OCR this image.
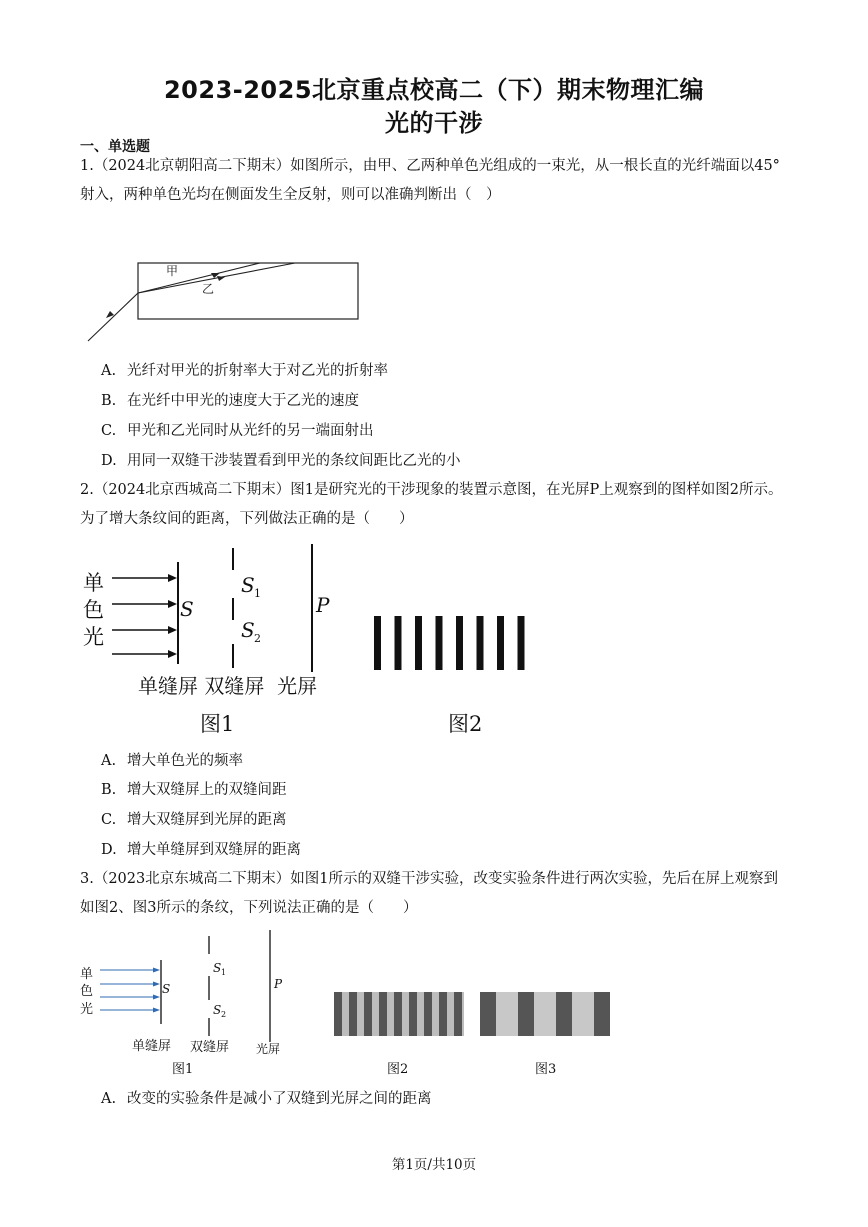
2023-2025北京重点校高二（下）期末物理汇编
光的干涉
一、单选题

1.（2024北京朝阳高二下期末）如图所示，由甲、乙两种单色光组成的一束光，从一根长直的光纤端面以45°射入，两种单色光均在侧面发生全反射，则可以准确判断出（　）

甲
乙
A. 光纤对甲光的折射率大于对乙光的折射率
B. 在光纤中甲光的速度大于乙光的速度
C. 甲光和乙光同时从光纤的另一端面射出
D. 用同一双缝干涉装置看到甲光的条纹间距比乙光的小

2.（2024北京西城高二下期末）图1是研究光的干涉现象的装置示意图，在光屏P上观察到的图样如图2所示。为了增大条纹间的距离，下列做法正确的是（　　）

单
色
光
S
S 1
S 2
P
单缝屏 双缝屏  光屏
图1	图2
A. 增大单色光的频率
B. 增大双缝屏上的双缝间距
C. 增大双缝屏到光屏的距离
D. 增大单缝屏到双缝屏的距离

3.（2023北京东城高二下期末）如图1所示的双缝干涉实验，改变实验条件进行两次实验，先后在屏上观察到如图2、图3所示的条纹，下列说法正确的是（　　）

单
色
光
S
S 1
S 2
P
单缝屏 双缝屏 光屏
图1	图2	图3
A. 改变的实验条件是减小了双缝到光屏之间的距离
第1页/共10页
